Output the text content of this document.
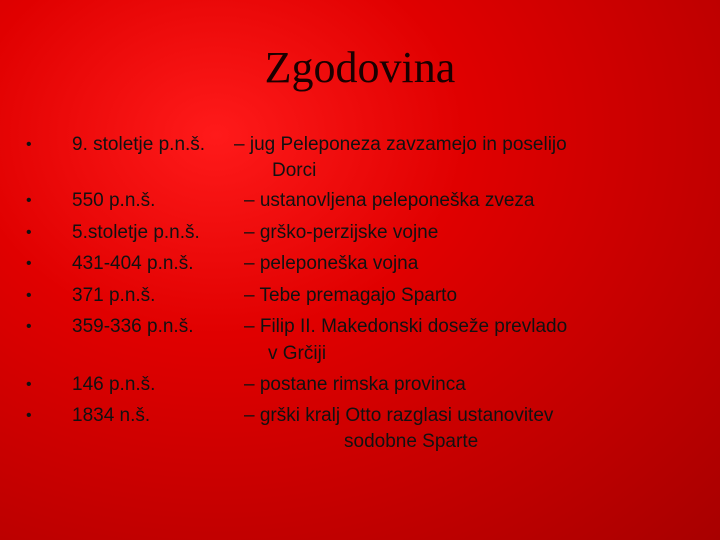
Zgodovina
• 9. stoletje p.n.š. – jug Peleponeza zavzamejo in poselijo
Dorci
• 550 p.n.š.	– ustanovljena peleponeška zveza
• 5.stoletje p.n.š. – grško-perzijske vojne
• 431-404 p.n.š.	– peleponeška vojna
• 371 p.n.š.	– Tebe premagajo Sparto
• 359-336 p.n.š.	– Filip II. Makedonski doseže prevlado
v Grčiji
• 146 p.n.š.	– postane rimska provinca
• 1834 n.š.	– grški kralj Otto razglasi ustanovitev
sodobne Sparte
